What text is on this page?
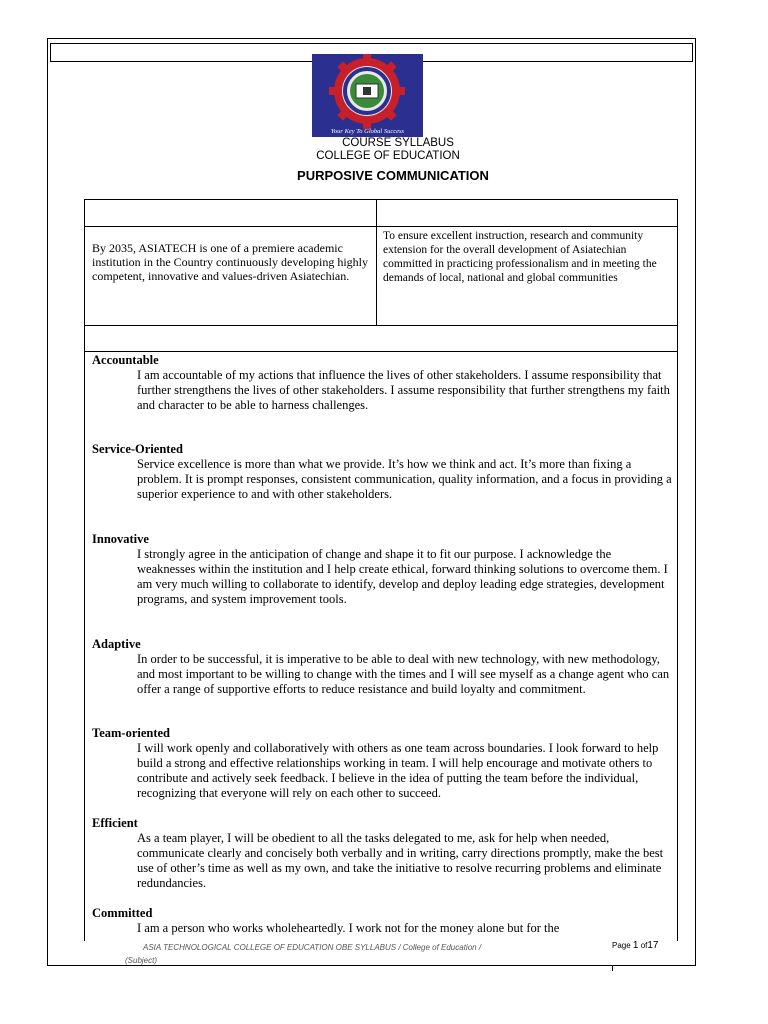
Your Key To Global Success
COURSE SYLLABUS
COLLEGE OF EDUCATION
PURPOSIVE COMMUNICATION
By 2035, ASIATECH is one of a premiere academic institution in the Country continuously developing highly competent, innovative and values-driven Asiatechian.
To ensure excellent instruction, research and community extension for the overall development of Asiatechian committed in practicing professionalism and in meeting the demands of local, national and global communities
Accountable
I am accountable of my actions that influence the lives of other stakeholders. I assume responsibility that further strengthens the lives of other stakeholders. I assume responsibility that further strengthens my faith and character to be able to harness challenges.
Service-Oriented
Service excellence is more than what we provide. It’s how we think and act. It’s more than fixing a problem. It is prompt responses, consistent communication, quality information, and a focus in providing a superior experience to and with other stakeholders.
Innovative
I strongly agree in the anticipation of change and shape it to fit our purpose. I acknowledge the weaknesses within the institution and I help create ethical, forward thinking solutions to overcome them. I am very much willing to collaborate to identify, develop and deploy leading edge strategies, development programs, and system improvement tools.
Adaptive
In order to be successful, it is imperative to be able to deal with new technology, with new methodology, and most important to be willing to change with the times and I will see myself as a change agent who can offer a range of supportive efforts to reduce resistance and build loyalty and commitment.
Team-oriented
I will work openly and collaboratively with others as one team across boundaries. I look forward to help build a strong and effective relationships working in team. I will help encourage and motivate others to contribute and actively seek feedback. I believe in the idea of putting the team before the individual, recognizing that everyone will rely on each other to succeed.
Efficient
As a team player, I will be obedient to all the tasks delegated to me, ask for help when needed, communicate clearly and concisely both verbally and in writing, carry directions promptly, make the best use of other’s time as well as my own, and take the initiative to resolve recurring problems and eliminate redundancies.
Committed
I am a person who works wholeheartedly. I work not for the money alone but for the
ASIA TECHNOLOGICAL COLLEGE OF EDUCATION OBE SYLLABUS / College of Education /
(Subject)
Page 1 of17
